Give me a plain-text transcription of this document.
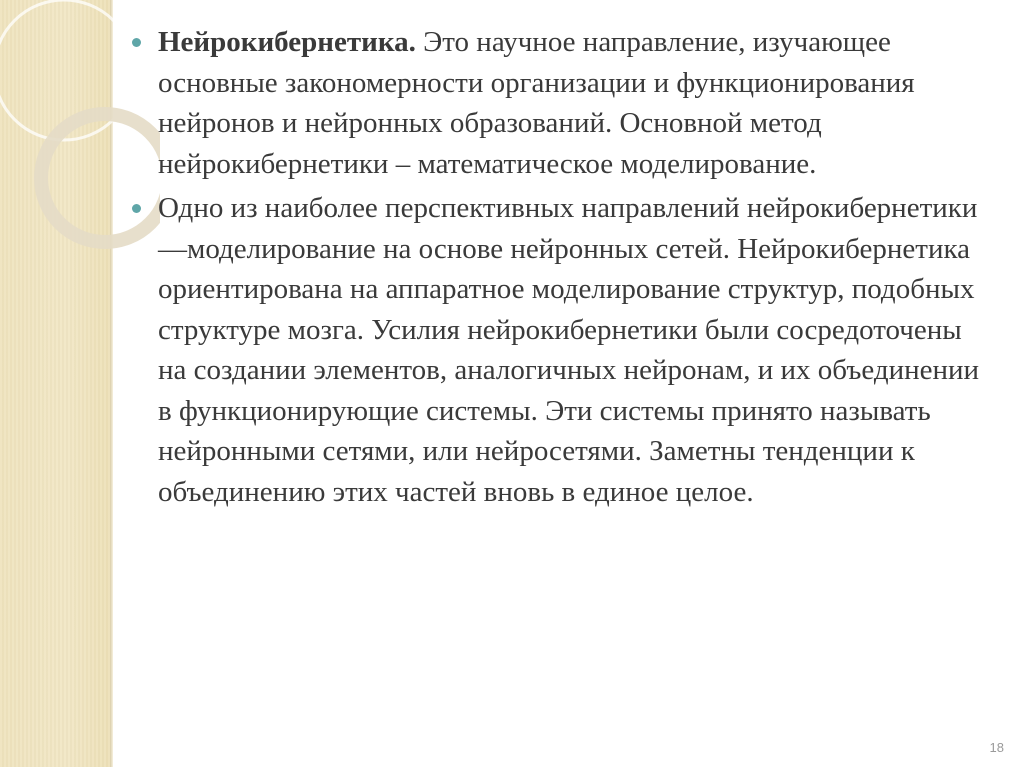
Нейрокибернетика. Это научное направление, изучающее основные закономерности организации и функционирования нейронов и нейронных образований. Основной метод нейрокибернетики – математическое моделирование.
Одно из наиболее перспективных направлений нейрокибернетики —моделирование на основе нейронных сетей. Нейрокибернетика ориентирована на аппаратное моделирование структур, подобных структуре мозга. Усилия нейрокибернетики были сосредоточены на создании элементов, аналогичных нейронам, и их объединении в функционирующие системы. Эти системы принято называть нейронными сетями, или нейросетями. Заметны тенденции к объединению этих частей вновь в единое целое.
18
